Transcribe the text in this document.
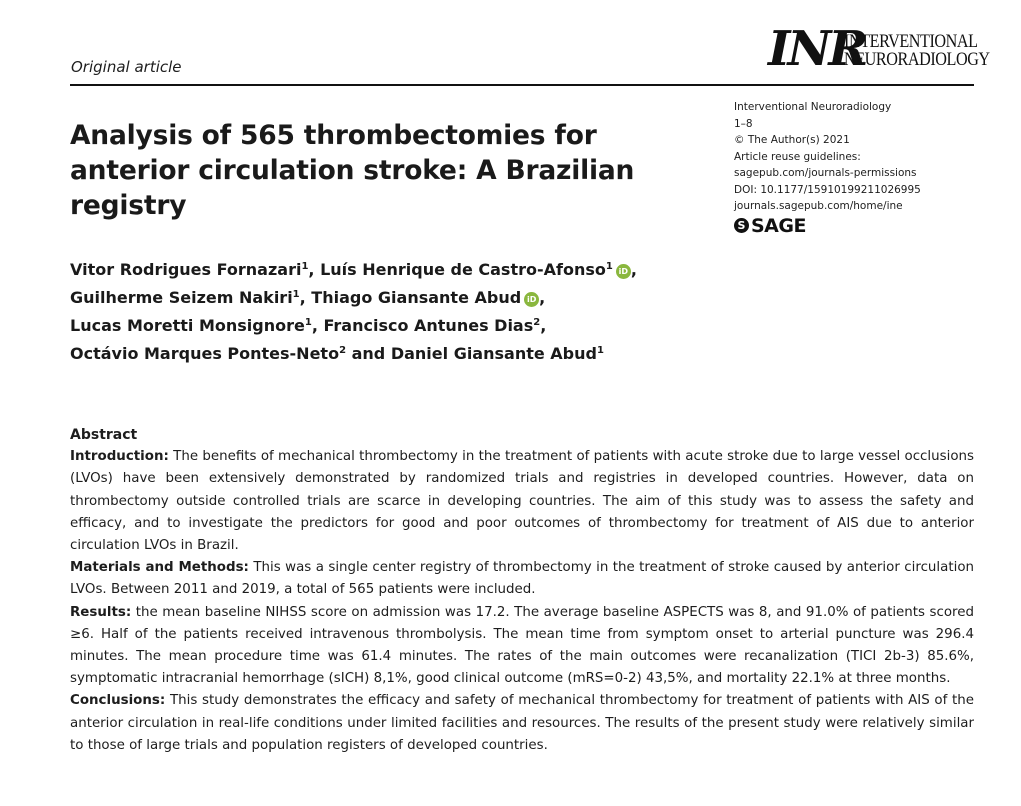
Original article	INR
INTERVENTIONAL
NEURORADIOLOGY
Interventional Neuroradiology
1–8
© The Author(s) 2021
Article reuse guidelines:
sagepub.com/journals-permissions
DOI: 10.1177/15910199211026995
journals.sagepub.com/home/ine
S SAGE
Analysis of 565 thrombectomies for anterior circulation stroke: A Brazilian registry
Vitor Rodrigues Fornazari$^1$, Luís Henrique de Castro-Afonso$^1$ iD ,
Guilherme Seizem Nakiri$^1$, Thiago Giansante Abud iD ,
Lucas Moretti Monsignore$^1$, Francisco Antunes Dias$^2$,
Octávio Marques Pontes-Neto$^2$ and Daniel Giansante Abud$^1$
Abstract

Introduction: The benefits of mechanical thrombectomy in the treatment of patients with acute stroke due to large vessel occlusions (LVOs) have been extensively demonstrated by randomized trials and registries in developed countries. However, data on thrombectomy outside controlled trials are scarce in developing countries. The aim of this study was to assess the safety and efficacy, and to investigate the predictors for good and poor outcomes of thrombectomy for treatment of AIS due to anterior circulation LVOs in Brazil.

Materials and Methods: This was a single center registry of thrombectomy in the treatment of stroke caused by anterior circulation LVOs. Between 2011 and 2019, a total of 565 patients were included.

Results: the mean baseline NIHSS score on admission was 17.2. The average baseline ASPECTS was 8, and 91.0% of patients scored ≥6. Half of the patients received intravenous thrombolysis. The mean time from symptom onset to arterial puncture was 296.4 minutes. The mean procedure time was 61.4 minutes. The rates of the main outcomes were recanalization (TICI 2b-3) 85.6%, symptomatic intracranial hemorrhage (sICH) 8,1%, good clinical outcome (mRS=0-2) 43,5%, and mortality 22.1% at three months.

Conclusions: This study demonstrates the efficacy and safety of mechanical thrombectomy for treatment of patients with AIS of the anterior circulation in real-life conditions under limited facilities and resources. The results of the present study were relatively similar to those of large trials and population registers of developed countries.
